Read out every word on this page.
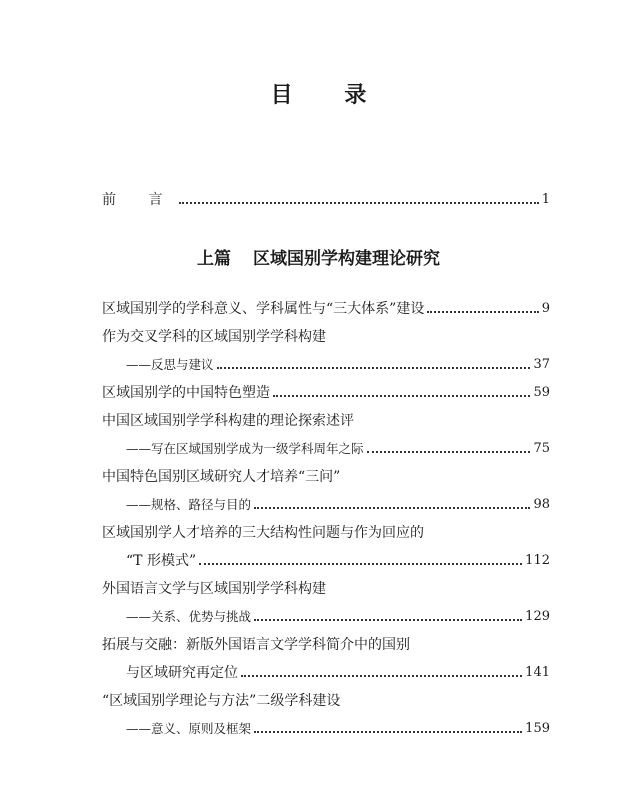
目 录
前 言	1
上篇 区域国别学构建理论研究
区域国别学的学科意义、学科属性与“三大体系”建设	9
作为交叉学科的区域国别学学科构建
——反思与建议	37
区域国别学的中国特色塑造	59
中国区域国别学学科构建的理论探索述评
——写在区域国别学成为一级学科周年之际	75
中国特色国别区域研究人才培养“三问”
——规格、路径与目的	98
区域国别学人才培养的三大结构性问题与作为回应的
“T 形模式”	112
外国语言文学与区域国别学学科构建
——关系、优势与挑战	129
拓展与交融：新版外国语言文学学科简介中的国别
与区域研究再定位	141
“区域国别学理论与方法”二级学科建设
——意义、原则及框架	159
